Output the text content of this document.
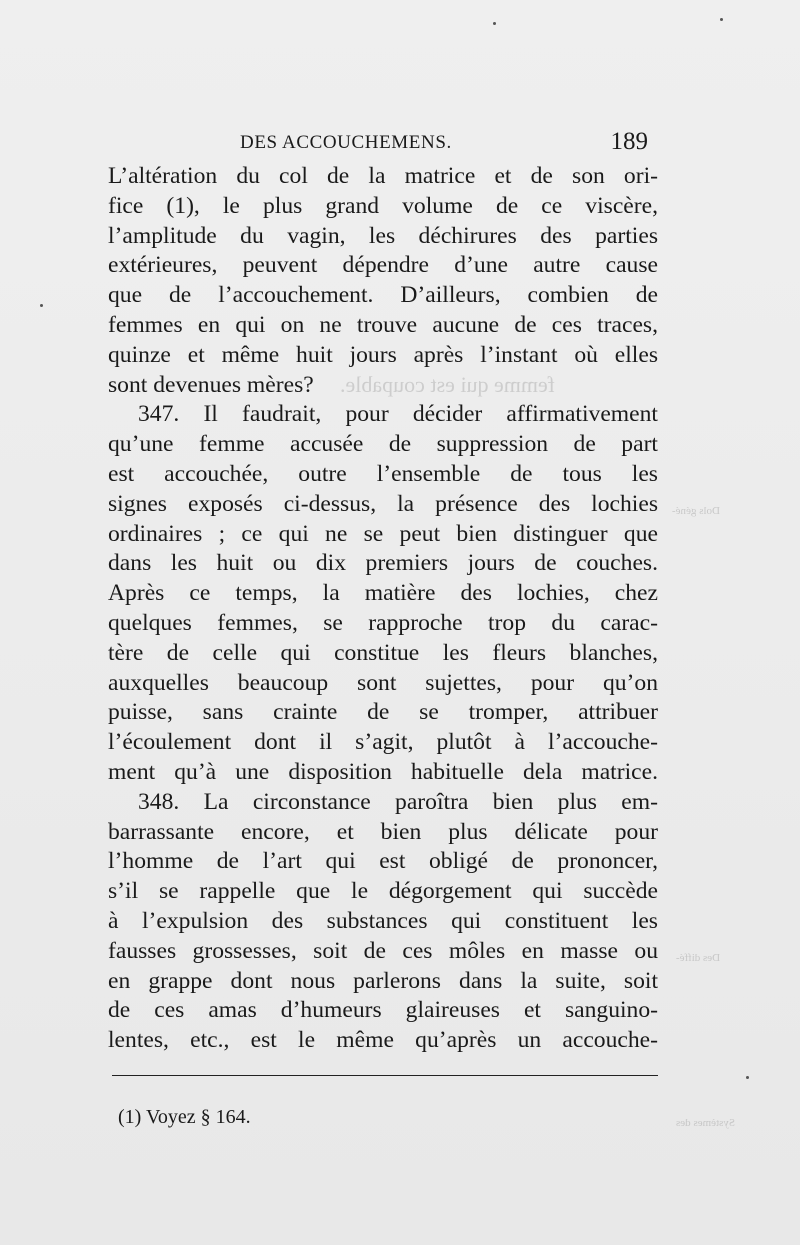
DES ACCOUCHEMENS.	189
L’altération du col de la matrice et de son ori-
fice (1), le plus grand volume de ce viscère,
l’amplitude du vagin, les déchirures des parties
extérieures, peuvent dépendre d’une autre cause
que de l’accouchement. D’ailleurs, combien de
femmes en qui on ne trouve aucune de ces traces,
quinze et même huit jours après l’instant où elles
sont devenues mères?
347. Il faudrait, pour décider affirmativement
qu’une femme accusée de suppression de part
est accouchée, outre l’ensemble de tous les
signes exposés ci-dessus, la présence des lochies
ordinaires ; ce qui ne se peut bien distinguer que
dans les huit ou dix premiers jours de couches.
Après ce temps, la matière des lochies, chez
quelques femmes, se rapproche trop du carac-
tère de celle qui constitue les fleurs blanches,
auxquelles beaucoup sont sujettes, pour qu’on
puisse, sans crainte de se tromper, attribuer
l’écoulement dont il s’agit, plutôt à l’accouche-
ment qu’à une disposition habituelle dela matrice.
348. La circonstance paroîtra bien plus em-
barrassante encore, et bien plus délicate pour
l’homme de l’art qui est obligé de prononcer,
s’il se rappelle que le dégorgement qui succède
à l’expulsion des substances qui constituent les
fausses grossesses, soit de ces môles en masse ou
en grappe dont nous parlerons dans la suite, soit
de ces amas d’humeurs glaireuses et sanguino-
lentes, etc., est le même qu’après un accouche-
(1) Voyez § 164.
femme qui est coupable.
Dols géné-
Des diffé-
Systèmes des
